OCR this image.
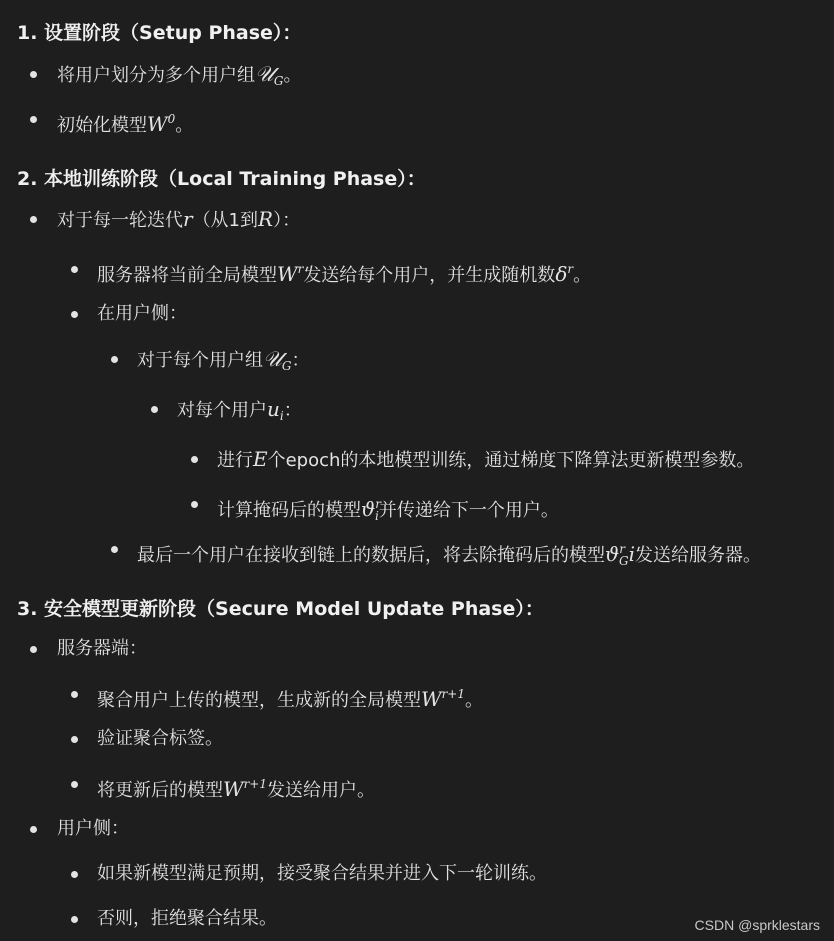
1. 设置阶段（Setup Phase）：
将用户划分为多个用户组𝒰$_G$。
初始化模型$W^0$。
2. 本地训练阶段（Local Training Phase）：
对于每一轮迭代r（从1到R）：
服务器将当前全局模型$W^r$发送给每个用户，并生成随机数$\delta^r$。
在用户侧：
对于每个用户组𝒰$_G$：
对每个用户$u_i$：
进行E个epoch的本地模型训练，通过梯度下降算法更新模型参数。
计算掩码后的模型$ϑ^r_i$并传递给下一个用户。
最后一个用户在接收到链上的数据后，将去除掩码后的模型$ϑ^r_Gi$发送给服务器。
3. 安全模型更新阶段（Secure Model Update Phase）：
服务器端：
聚合用户上传的模型，生成新的全局模型$W^{r+1}$。
验证聚合标签。
将更新后的模型$W^{r+1}$发送给用户。
用户侧：
如果新模型满足预期，接受聚合结果并进入下一轮训练。
否则，拒绝聚合结果。	CSDN @sprklestars
